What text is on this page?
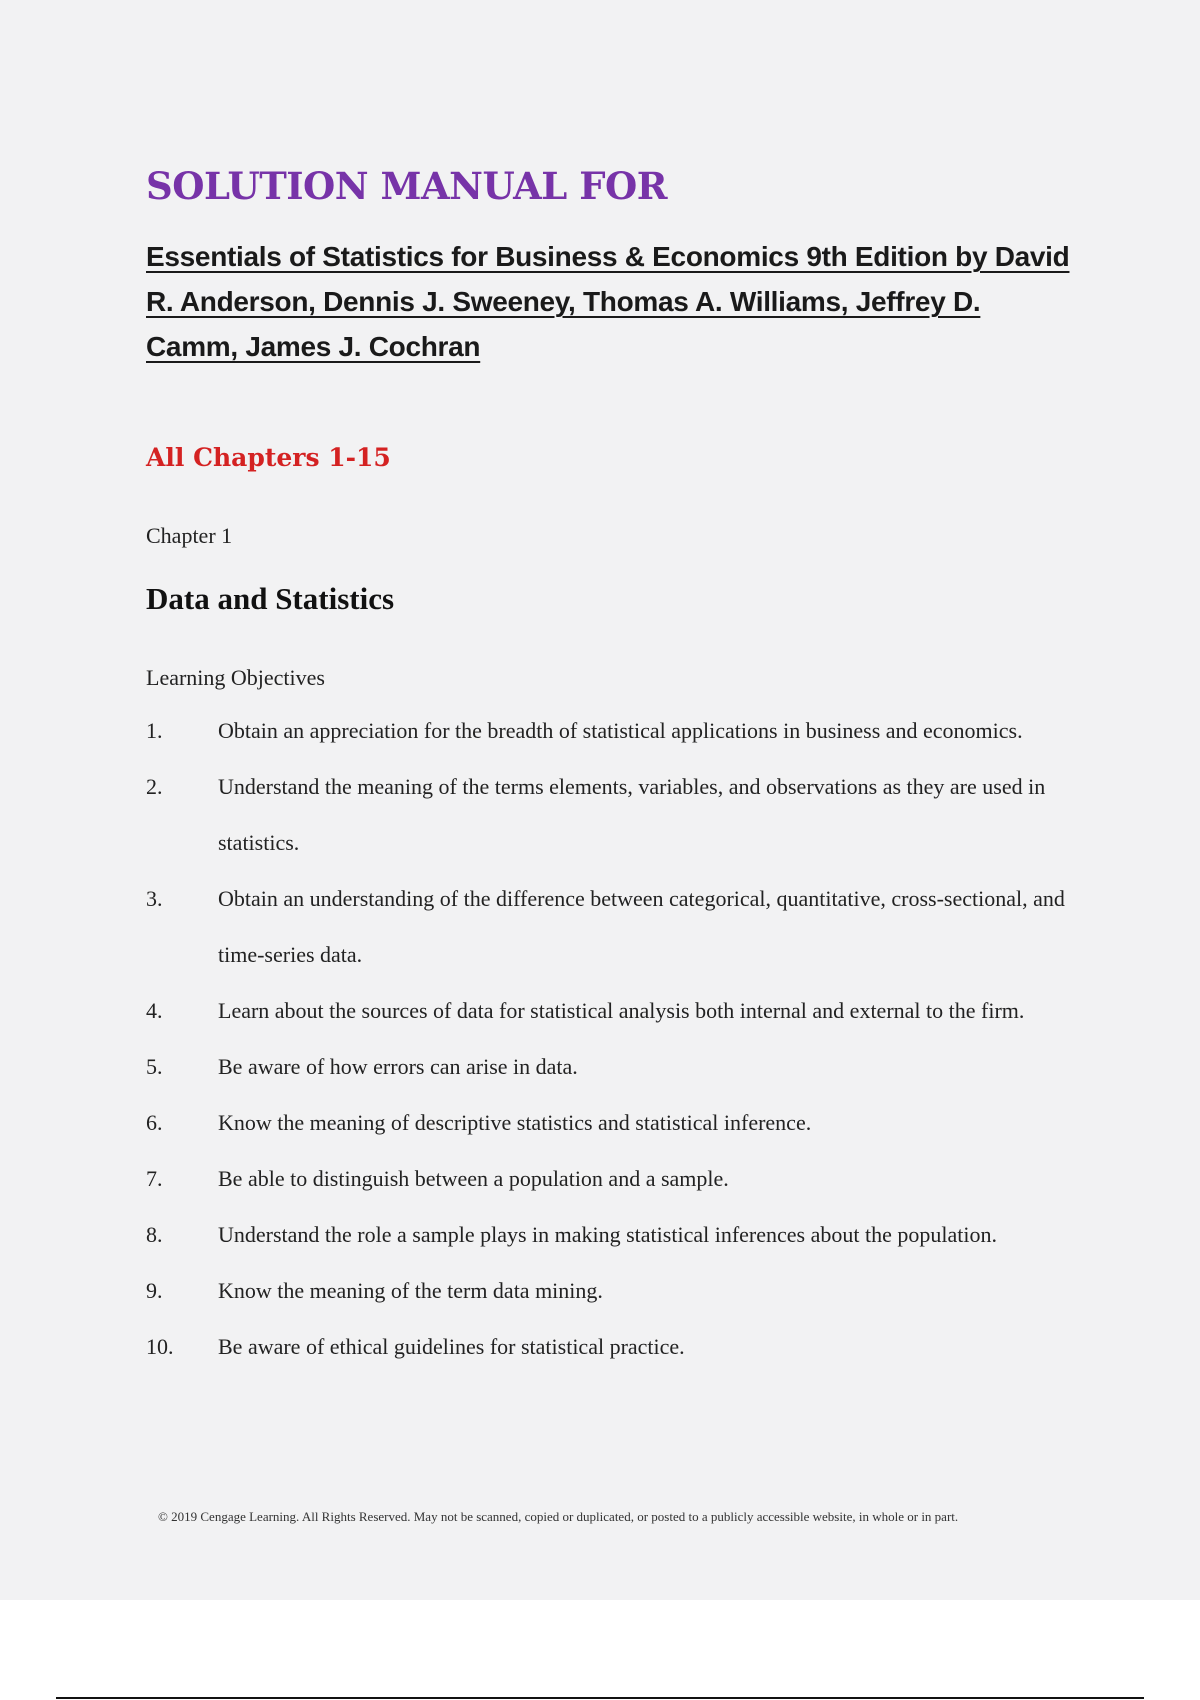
SOLUTION MANUAL FOR
Essentials of Statistics for Business & Economics 9th Edition by David R. Anderson, Dennis J. Sweeney, Thomas A. Williams, Jeffrey D. Camm, James J. Cochran
All Chapters 1-15
Chapter 1
Data and Statistics
Learning Objectives
1.	Obtain an appreciation for the breadth of statistical applications in business and economics.
2.	Understand the meaning of the terms elements, variables, and observations as they are used in statistics.
3.	Obtain an understanding of the difference between categorical, quantitative, cross-sectional, and time-series data.
4.	Learn about the sources of data for statistical analysis both internal and external to the firm.
5.	Be aware of how errors can arise in data.
6.	Know the meaning of descriptive statistics and statistical inference.
7.	Be able to distinguish between a population and a sample.
8.	Understand the role a sample plays in making statistical inferences about the population.
9.	Know the meaning of the term data mining.
10.	Be aware of ethical guidelines for statistical practice.
© 2019 Cengage Learning. All Rights Reserved. May not be scanned, copied or duplicated, or posted to a publicly accessible website, in whole or in part.
